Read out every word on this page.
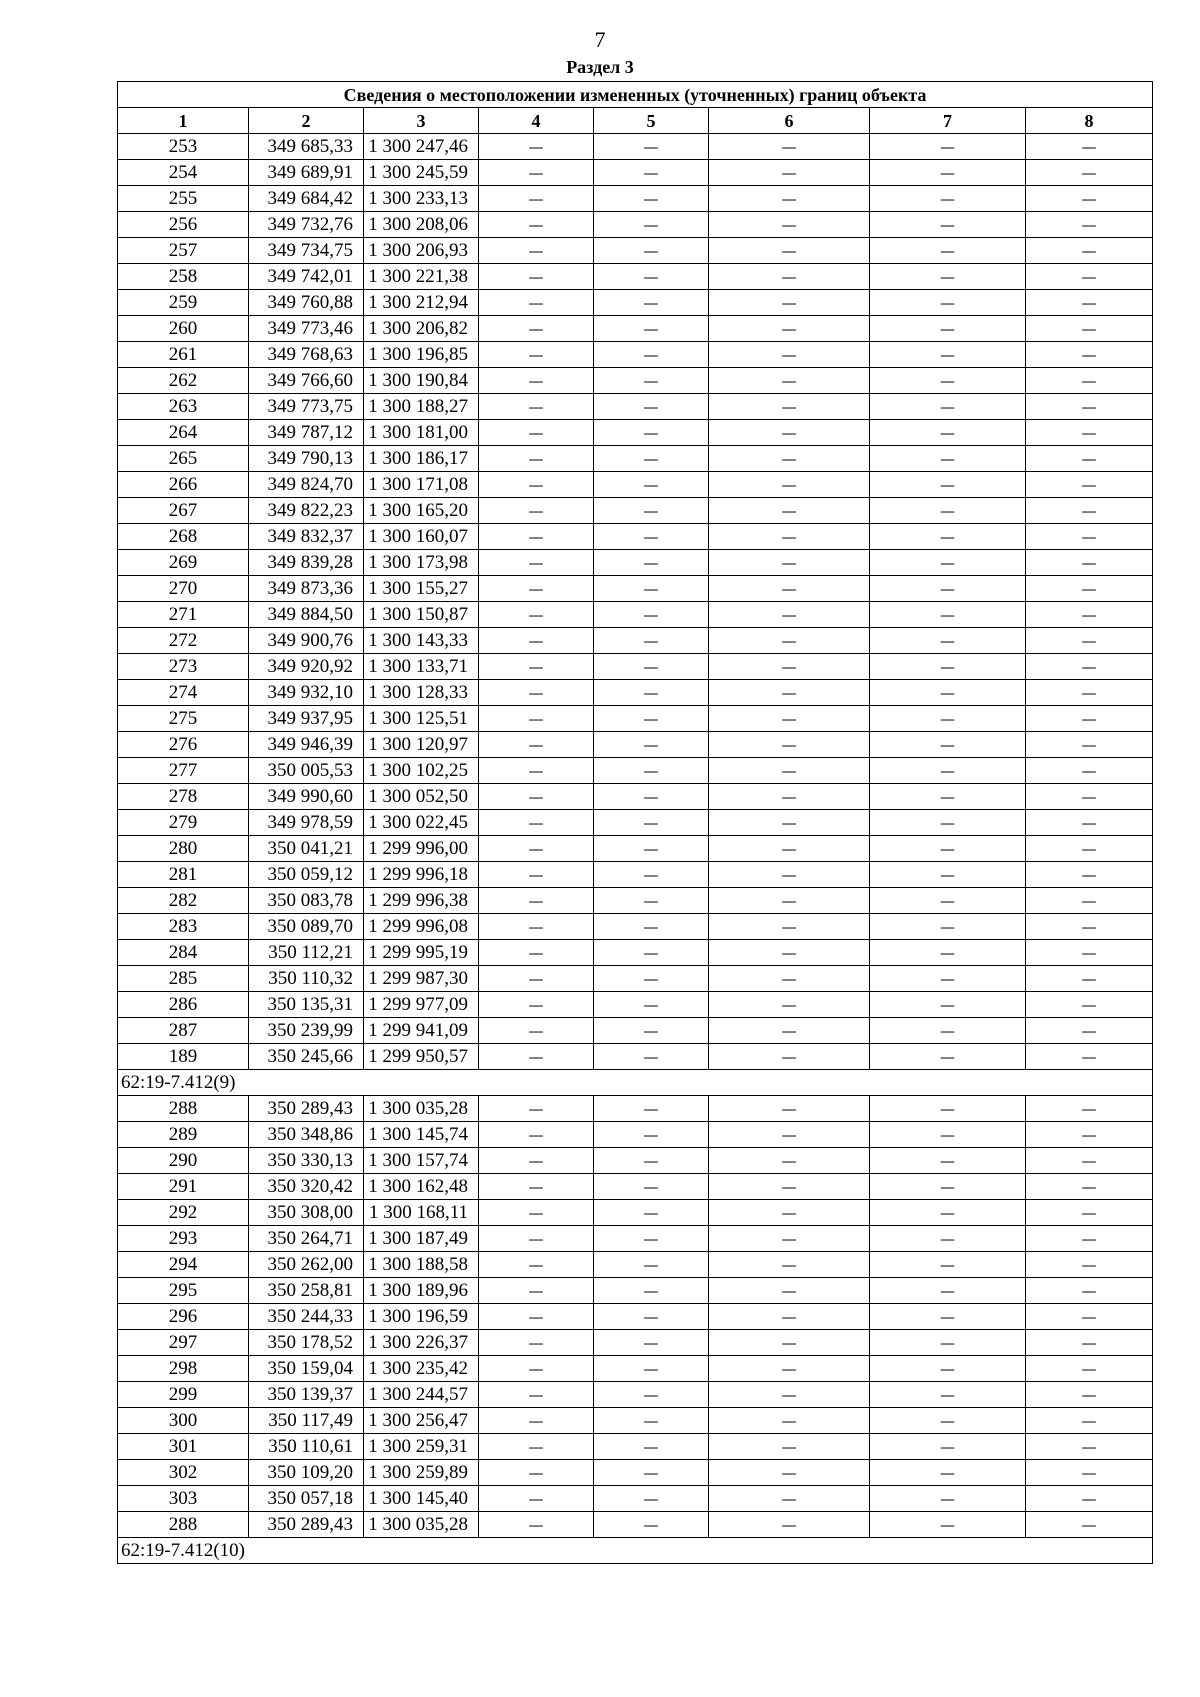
7
Раздел 3
Сведения о местоположении измененных (уточненных) границ объекта							
1	2	3	4	5	6	7	8
253	349 685,33	1 300 247,46	—	—	—	—	—
254	349 689,91	1 300 245,59	—	—	—	—	—
255	349 684,42	1 300 233,13	—	—	—	—	—
256	349 732,76	1 300 208,06	—	—	—	—	—
257	349 734,75	1 300 206,93	—	—	—	—	—
258	349 742,01	1 300 221,38	—	—	—	—	—
259	349 760,88	1 300 212,94	—	—	—	—	—
260	349 773,46	1 300 206,82	—	—	—	—	—
261	349 768,63	1 300 196,85	—	—	—	—	—
262	349 766,60	1 300 190,84	—	—	—	—	—
263	349 773,75	1 300 188,27	—	—	—	—	—
264	349 787,12	1 300 181,00	—	—	—	—	—
265	349 790,13	1 300 186,17	—	—	—	—	—
266	349 824,70	1 300 171,08	—	—	—	—	—
267	349 822,23	1 300 165,20	—	—	—	—	—
268	349 832,37	1 300 160,07	—	—	—	—	—
269	349 839,28	1 300 173,98	—	—	—	—	—
270	349 873,36	1 300 155,27	—	—	—	—	—
271	349 884,50	1 300 150,87	—	—	—	—	—
272	349 900,76	1 300 143,33	—	—	—	—	—
273	349 920,92	1 300 133,71	—	—	—	—	—
274	349 932,10	1 300 128,33	—	—	—	—	—
275	349 937,95	1 300 125,51	—	—	—	—	—
276	349 946,39	1 300 120,97	—	—	—	—	—
277	350 005,53	1 300 102,25	—	—	—	—	—
278	349 990,60	1 300 052,50	—	—	—	—	—
279	349 978,59	1 300 022,45	—	—	—	—	—
280	350 041,21	1 299 996,00	—	—	—	—	—
281	350 059,12	1 299 996,18	—	—	—	—	—
282	350 083,78	1 299 996,38	—	—	—	—	—
283	350 089,70	1 299 996,08	—	—	—	—	—
284	350 112,21	1 299 995,19	—	—	—	—	—
285	350 110,32	1 299 987,30	—	—	—	—	—
286	350 135,31	1 299 977,09	—	—	—	—	—
287	350 239,99	1 299 941,09	—	—	—	—	—
189	350 245,66	1 299 950,57	—	—	—	—	—
62:19-7.412(9)							
288	350 289,43	1 300 035,28	—	—	—	—	—
289	350 348,86	1 300 145,74	—	—	—	—	—
290	350 330,13	1 300 157,74	—	—	—	—	—
291	350 320,42	1 300 162,48	—	—	—	—	—
292	350 308,00	1 300 168,11	—	—	—	—	—
293	350 264,71	1 300 187,49	—	—	—	—	—
294	350 262,00	1 300 188,58	—	—	—	—	—
295	350 258,81	1 300 189,96	—	—	—	—	—
296	350 244,33	1 300 196,59	—	—	—	—	—
297	350 178,52	1 300 226,37	—	—	—	—	—
298	350 159,04	1 300 235,42	—	—	—	—	—
299	350 139,37	1 300 244,57	—	—	—	—	—
300	350 117,49	1 300 256,47	—	—	—	—	—
301	350 110,61	1 300 259,31	—	—	—	—	—
302	350 109,20	1 300 259,89	—	—	—	—	—
303	350 057,18	1 300 145,40	—	—	—	—	—
288	350 289,43	1 300 035,28	—	—	—	—	—
62:19-7.412(10)							
